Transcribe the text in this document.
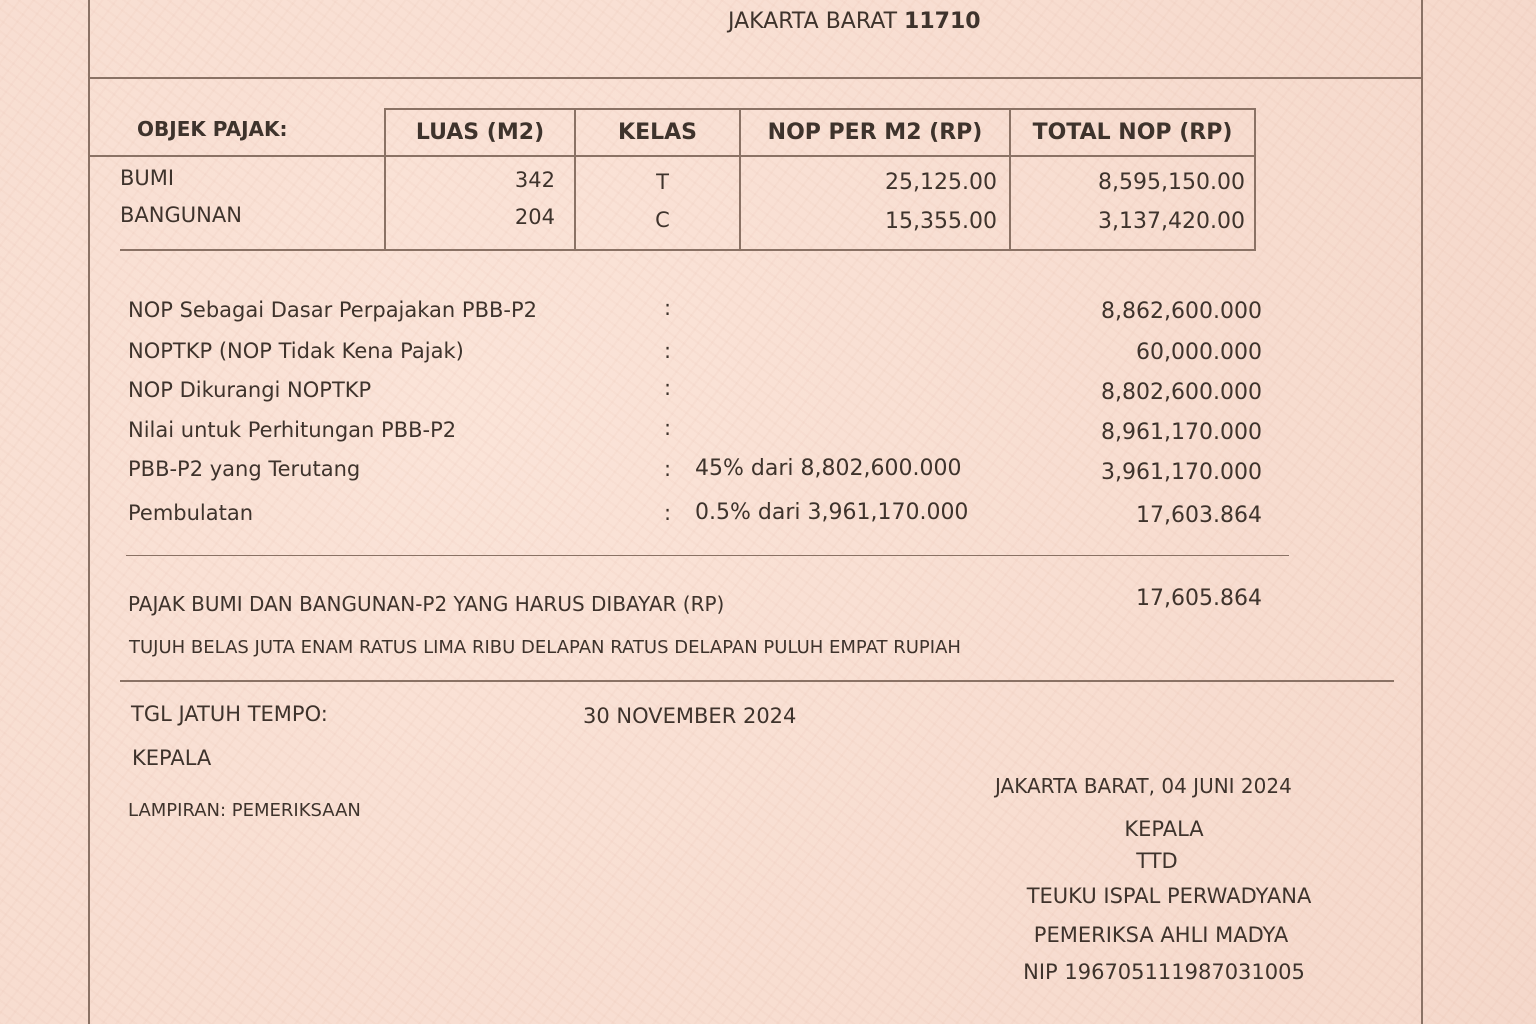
JAKARTA BARAT 11710
OBJEK PAJAK:	LUAS (M2)	KELAS	NOP PER M2 (RP)	TOTAL NOP (RP)
BUMI	342	T	25,125.00	8,595,150.00
BANGUNAN	204	C	15,355.00	3,137,420.00
NOP Sebagai Dasar Perpajakan PBB-P2	:	8,862,600.000
NOPTKP (NOP Tidak Kena Pajak)	:	60,000.000
NOP Dikurangi NOPTKP	:	8,802,600.000
Nilai untuk Perhitungan PBB-P2	:	8,961,170.000
PBB-P2 yang Terutang	: 45% dari 8,802,600.000	3,961,170.000
Pembulatan	: 0.5% dari 3,961,170.000	17,603.864
PAJAK BUMI DAN BANGUNAN-P2 YANG HARUS DIBAYAR (RP)	17,605.864
TUJUH BELAS JUTA ENAM RATUS LIMA RIBU DELAPAN RATUS DELAPAN PULUH EMPAT RUPIAH
TGL JATUH TEMPO:	30 NOVEMBER 2024
KEPALA
LAMPIRAN: PEMERIKSAAN
JAKARTA BARAT, 04 JUNI 2024
KEPALA
TTD
TEUKU ISPAL PERWADYANA
PEMERIKSA AHLI MADYA
NIP 196705111987031005
